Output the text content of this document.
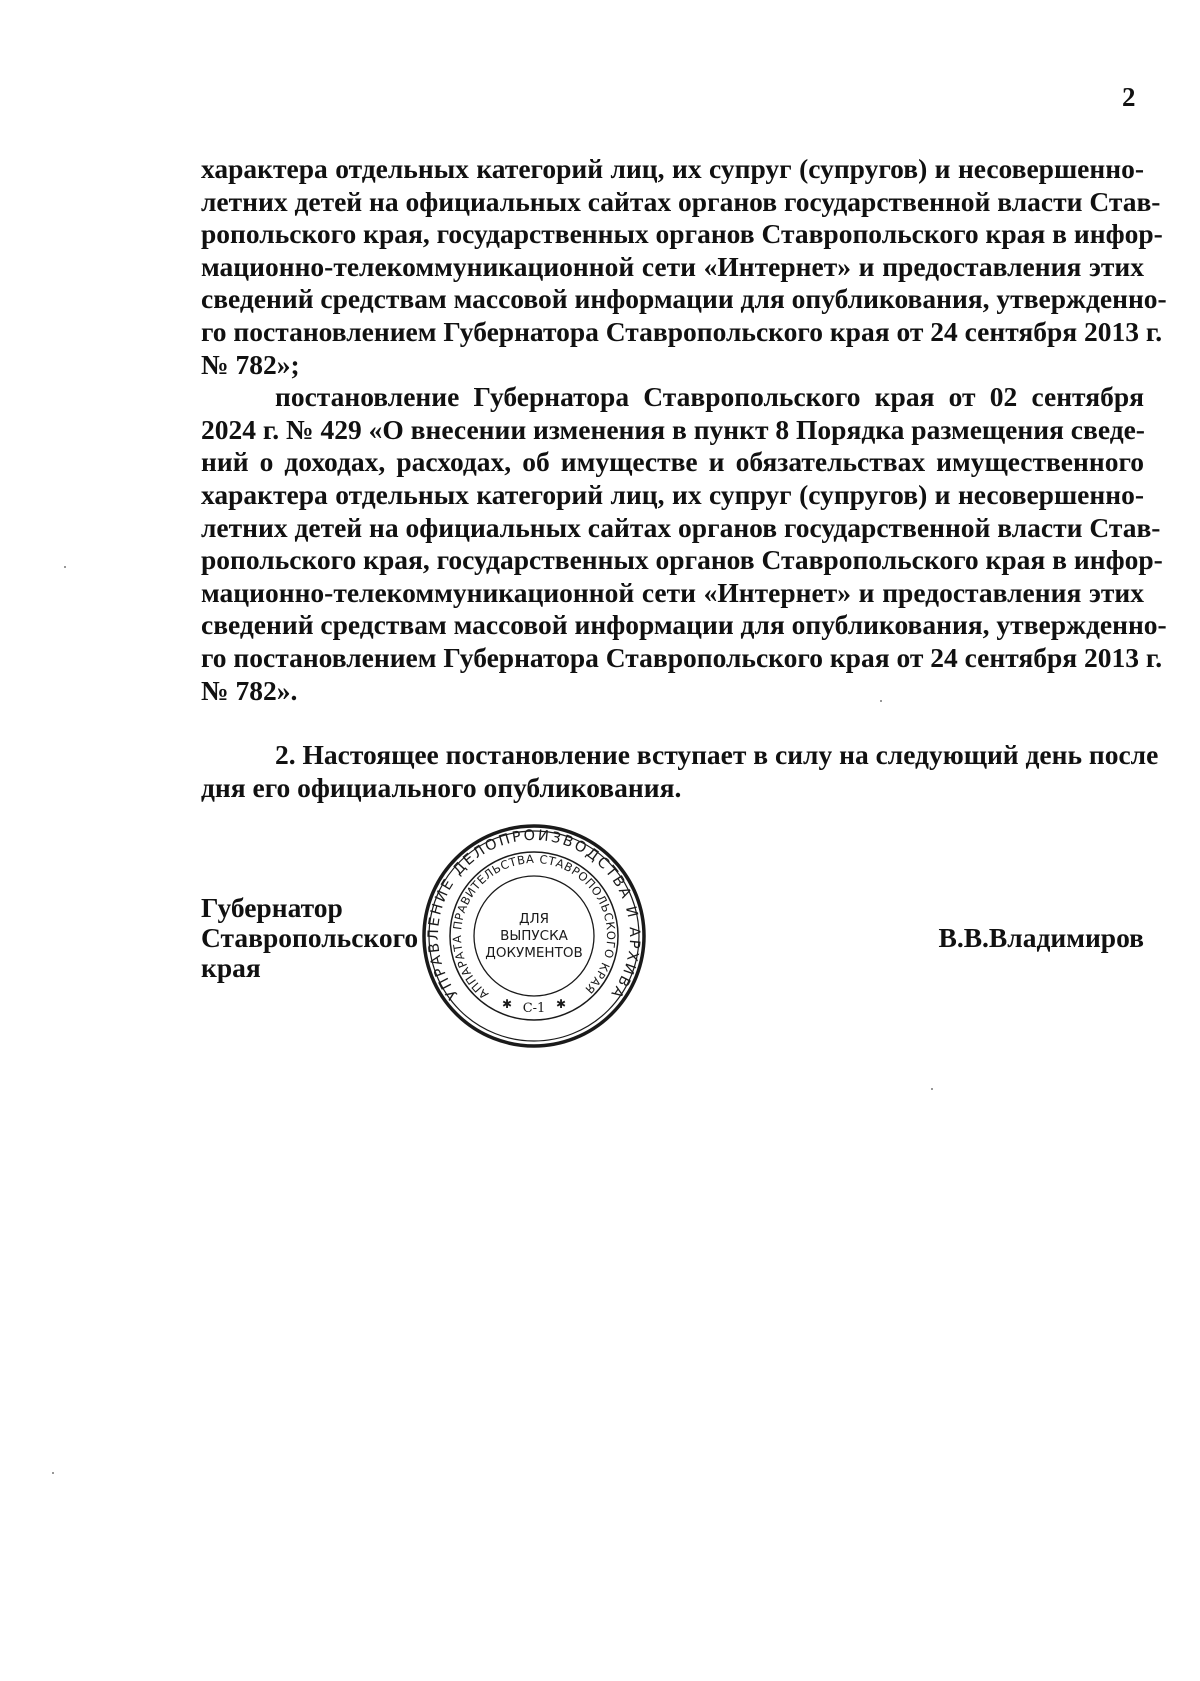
2

характера отдельных категорий лиц, их супруг (супругов) и несовершенно-
летних детей на официальных сайтах органов государственной власти Став-
ропольского края, государственных органов Ставропольского края в инфор-
мационно-телекоммуникационной сети «Интернет» и предоставления этих
сведений средствам массовой информации для опубликования, утвержденно-
го постановлением Губернатора Ставропольского края от 24 сентября 2013 г.
№ 782»;

постановление Губернатора Ставропольского края от 02 сентября
2024 г. № 429 «О внесении изменения в пункт 8 Порядка размещения сведе-
ний о доходах, расходах, об имуществе и обязательствах имущественного
характера отдельных категорий лиц, их супруг (супругов) и несовершенно-
летних детей на официальных сайтах органов государственной власти Став-
ропольского края, государственных органов Ставропольского края в инфор-
мационно-телекоммуникационной сети «Интернет» и предоставления этих
сведений средствам массовой информации для опубликования, утвержденно-
го постановлением Губернатора Ставропольского края от 24 сентября 2013 г.
№ 782».

2. Настоящее постановление вступает в силу на следующий день после
дня его официального опубликования.

Губернатор
Ставропольского края
В.В.Владимиров
УПРАВЛЕНИЕ ДЕЛОПРОИЗВОДСТВА И АРХИВА
АППАРАТА ПРАВИТЕЛЬСТВА СТАВРОПОЛЬСКОГО КРАЯ
ДЛЯ
ВЫПУСКА
ДОКУМЕНТОВ
С-1
✱	✱
